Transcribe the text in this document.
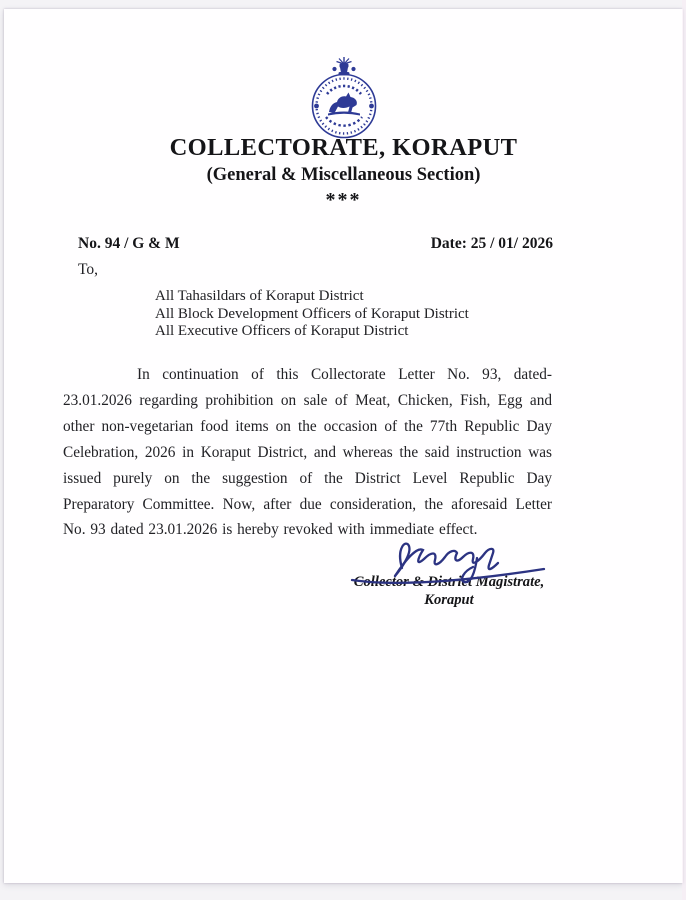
COLLECTORATE, KORAPUT
(General & Miscellaneous Section)
***
No. 94 / G & M	Date: 25 / 01/ 2026
To,
All Tahasildars of Koraput District
All Block Development Officers of Koraput District
All Executive Officers of Koraput District

In continuation of this Collectorate Letter No. 93, dated-23.01.2026 regarding prohibition on sale of Meat, Chicken, Fish, Egg and other non-vegetarian food items on the occasion of the 77th Republic Day Celebration, 2026 in Koraput District, and whereas the said instruction was issued purely on the suggestion of the District Level Republic Day Preparatory Committee. Now, after due consideration, the aforesaid Letter No. 93 dated 23.01.2026 is hereby revoked with immediate effect.

Collector & District Magistrate,
Koraput
